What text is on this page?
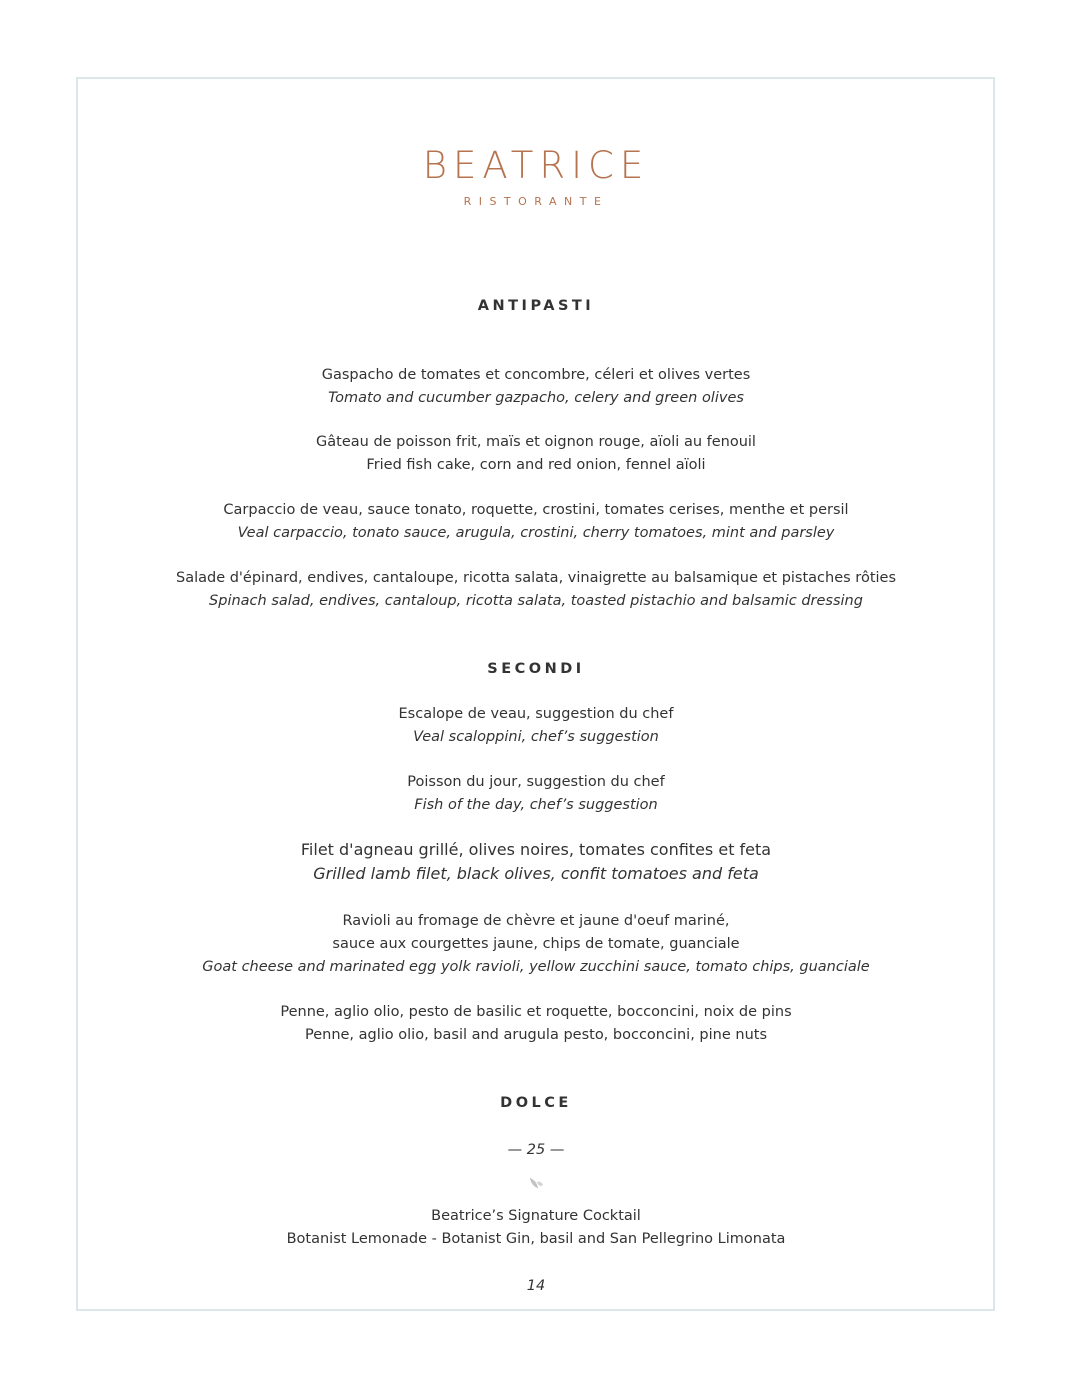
BEATRICE
RISTORANTE
ANTIPASTI
Gaspacho de tomates et concombre, céleri et olives vertes
Tomato and cucumber gazpacho, celery and green olives
Gâteau de poisson frit, maïs et oignon rouge, aïoli au fenouil
Fried fish cake, corn and red onion, fennel aïoli
Carpaccio de veau, sauce tonato, roquette, crostini, tomates cerises, menthe et persil
Veal carpaccio, tonato sauce, arugula, crostini, cherry tomatoes, mint and parsley
Salade d'épinard, endives, cantaloupe, ricotta salata, vinaigrette au balsamique et pistaches rôties
Spinach salad, endives, cantaloup, ricotta salata, toasted pistachio and balsamic dressing
SECONDI
Escalope de veau, suggestion du chef
Veal scaloppini, chef’s suggestion
Poisson du jour, suggestion du chef
Fish of the day, chef’s suggestion
Filet d'agneau grillé, olives noires, tomates confites et feta
Grilled lamb filet, black olives, confit tomatoes and feta
Ravioli au fromage de chèvre et jaune d'oeuf mariné,
sauce aux courgettes jaune, chips de tomate, guanciale
Goat cheese and marinated egg yolk ravioli, yellow zucchini sauce, tomato chips, guanciale
Penne, aglio olio, pesto de basilic et roquette, bocconcini, noix de pins
Penne, aglio olio, basil and arugula pesto, bocconcini, pine nuts
DOLCE
— 25 —
Beatrice’s Signature Cocktail
Botanist Lemonade - Botanist Gin, basil and San Pellegrino Limonata
14
